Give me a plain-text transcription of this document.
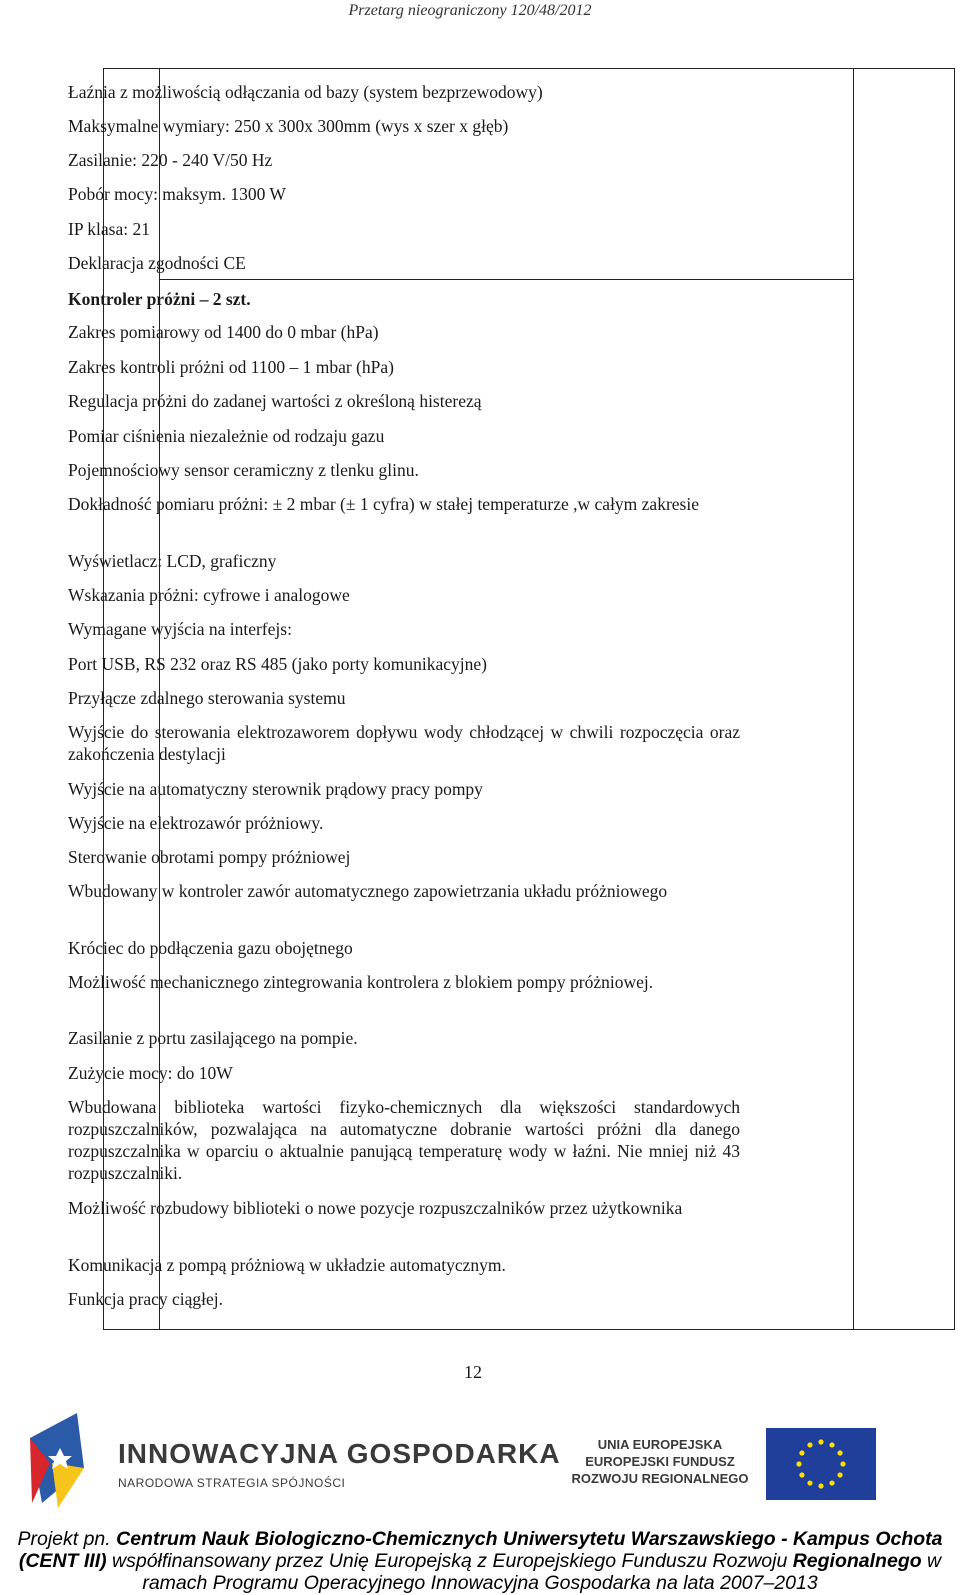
Przetarg nieograniczony 120/48/2012
Łaźnia z możliwością odłączania od bazy (system bezprzewodowy)
Maksymalne wymiary: 250 x 300x 300mm (wys x szer x głęb)
Zasilanie: 220 - 240 V/50 Hz
Pobór mocy: maksym. 1300 W
IP klasa: 21
Deklaracja zgodności CE
Kontroler próżni – 2 szt.
Zakres pomiarowy od 1400 do 0 mbar (hPa)
Zakres kontroli próżni od 1100 – 1 mbar (hPa)
Regulacja próżni do zadanej wartości z określoną histerezą
Pomiar ciśnienia niezależnie od rodzaju gazu
Pojemnościowy sensor ceramiczny z tlenku glinu.
Dokładność pomiaru próżni: ± 2 mbar (± 1 cyfra) w stałej temperaturze ,w całym zakresie
Wyświetlacz: LCD, graficzny
Wskazania próżni: cyfrowe i analogowe
Wymagane wyjścia na interfejs:
Port USB, RS 232 oraz RS 485 (jako porty komunikacyjne)
Przyłącze zdalnego sterowania systemu
Wyjście do sterowania elektrozaworem dopływu wody chłodzącej w chwili rozpoczęcia oraz zakończenia destylacji
Wyjście na automatyczny sterownik prądowy pracy pompy
Wyjście na elektrozawór próżniowy.
Sterowanie obrotami pompy próżniowej
Wbudowany w kontroler zawór automatycznego zapowietrzania układu próżniowego
Króciec do podłączenia gazu obojętnego
Możliwość mechanicznego zintegrowania kontrolera z blokiem pompy próżniowej.
Zasilanie z portu zasilającego na pompie.
Zużycie mocy: do 10W
Wbudowana biblioteka wartości fizyko-chemicznych dla większości standardowych rozpuszczalników, pozwalająca na automatyczne dobranie wartości próżni dla danego rozpuszczalnika w oparciu o aktualnie panującą temperaturę wody w łaźni. Nie mniej niż 43 rozpuszczalniki.
Możliwość rozbudowy biblioteki o nowe pozycje rozpuszczalników przez użytkownika
Komunikacja z pompą próżniową w układzie automatycznym.
Funkcja pracy ciągłej.
12
INNOWACYJNA GOSPODARKA
NARODOWA STRATEGIA SPÓJNOŚCI
UNIA EUROPEJSKA
EUROPEJSKI FUNDUSZ
ROZWOJU REGIONALNEGO
Projekt pn. Centrum Nauk Biologiczno-Chemicznych Uniwersytetu Warszawskiego - Kampus Ochota (CENT III) współfinansowany przez Unię Europejską z Europejskiego Funduszu Rozwoju Regionalnego w ramach Programu Operacyjnego Innowacyjna Gospodarka na lata 2007–2013
